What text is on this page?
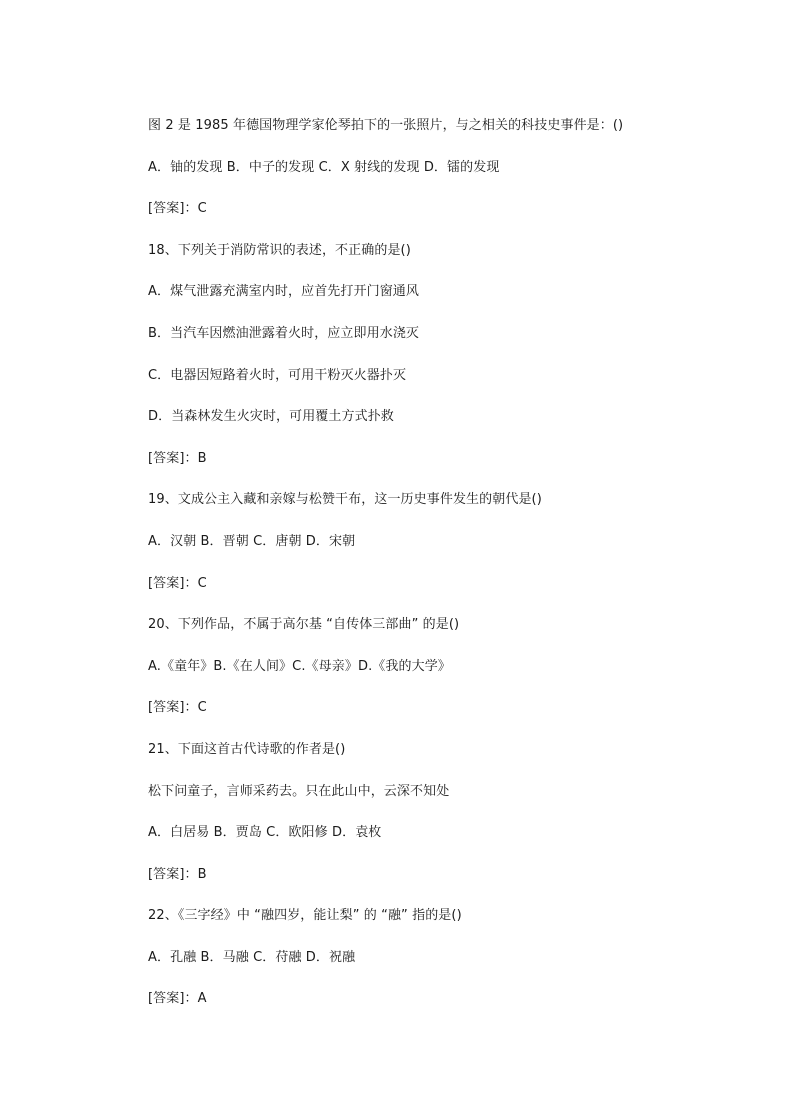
图 2 是 1985 年德国物理学家伦琴拍下的一张照片，与之相关的科技史事件是：()
A．铀的发现 B．中子的发现 C．X 射线的发现 D．镭的发现
[答案]：C
18、下列关于消防常识的表述，不正确的是()
A．煤气泄露充满室内时，应首先打开门窗通风
B．当汽车因燃油泄露着火时，应立即用水浇灭
C．电器因短路着火时，可用干粉灭火器扑灭
D．当森林发生火灾时，可用覆土方式扑救
[答案]：B
19、文成公主入藏和亲嫁与松赞干布，这一历史事件发生的朝代是()
A．汉朝 B．晋朝 C．唐朝 D．宋朝
[答案]：C
20、下列作品，不属于高尔基 “自传体三部曲” 的是()
A.《童年》B.《在人间》C.《母亲》D.《我的大学》
[答案]：C
21、下面这首古代诗歌的作者是()
松下问童子，言师采药去。只在此山中，云深不知处
A．白居易 B．贾岛 C．欧阳修 D．袁枚
[答案]：B
22、《三字经》中 “融四岁，能让梨” 的 “融” 指的是()
A．孔融 B．马融 C．苻融 D．祝融
[答案]：A
